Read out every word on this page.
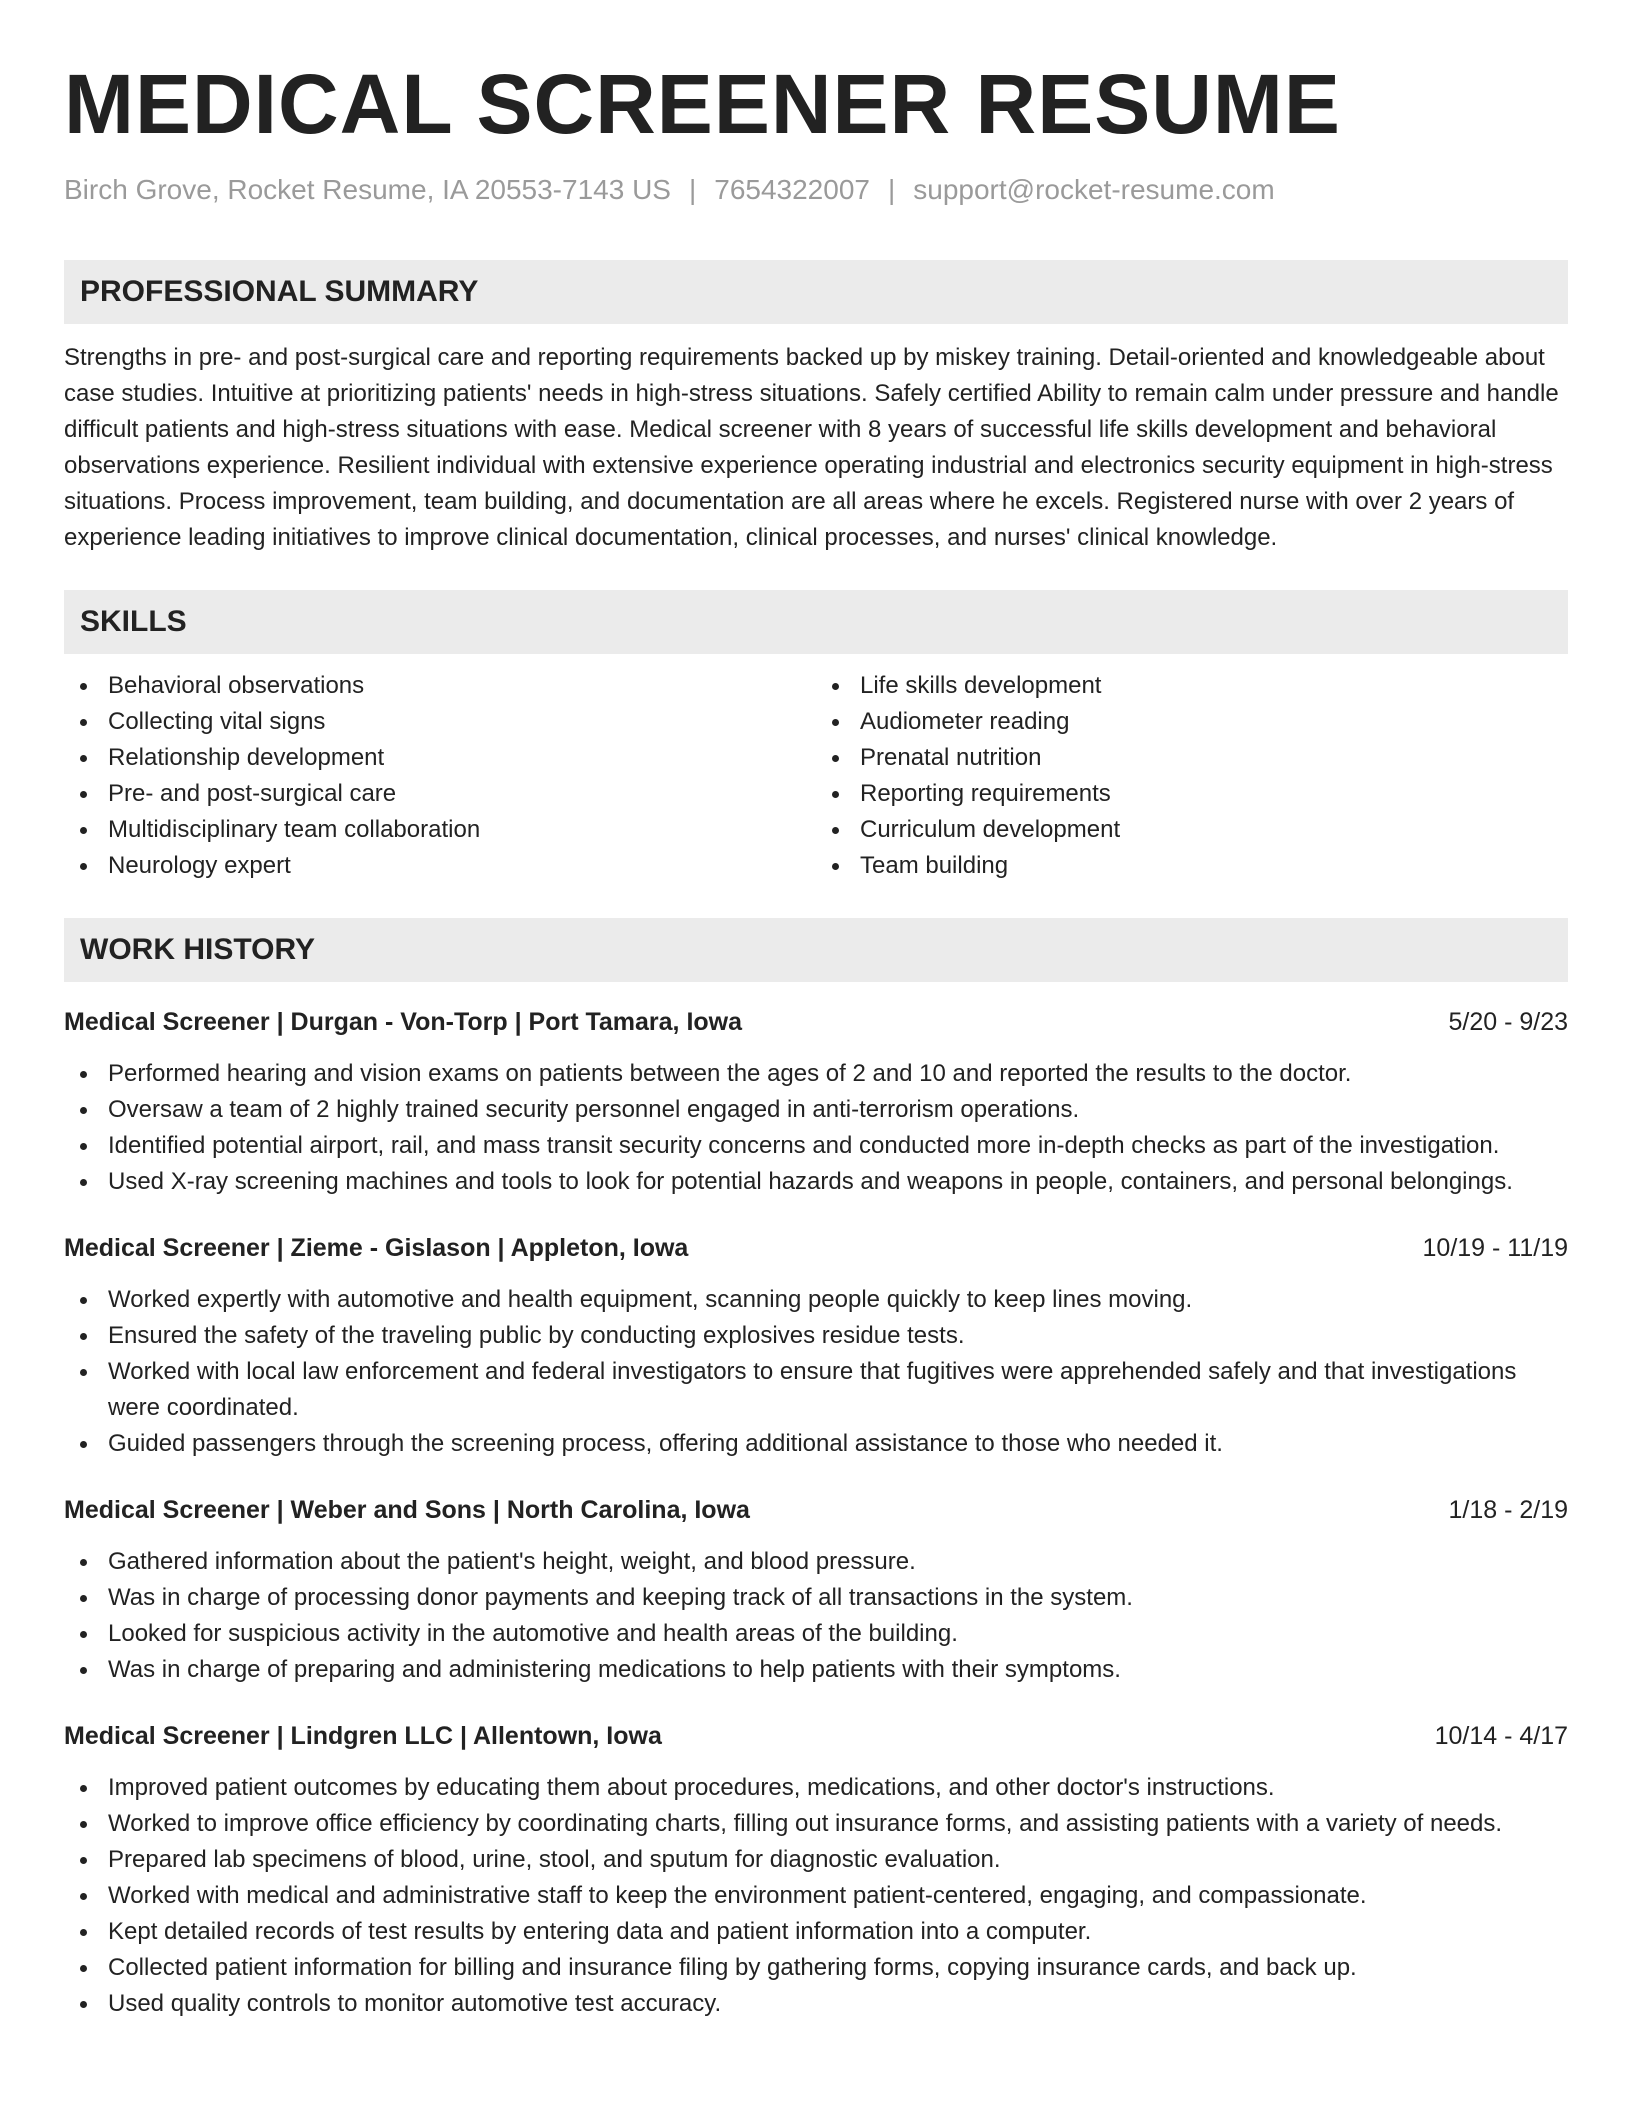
MEDICAL SCREENER RESUME
Birch Grove, Rocket Resume, IA 20553-7143 US | 7654322007 | support@rocket-resume.com
PROFESSIONAL SUMMARY
Strengths in pre- and post-surgical care and reporting requirements backed up by miskey training. Detail-oriented and knowledgeable about case studies. Intuitive at prioritizing patients' needs in high-stress situations. Safely certified Ability to remain calm under pressure and handle difficult patients and high-stress situations with ease. Medical screener with 8 years of successful life skills development and behavioral observations experience. Resilient individual with extensive experience operating industrial and electronics security equipment in high-stress situations. Process improvement, team building, and documentation are all areas where he excels. Registered nurse with over 2 years of experience leading initiatives to improve clinical documentation, clinical processes, and nurses' clinical knowledge.
SKILLS
Behavioral observations
Collecting vital signs
Relationship development
Pre- and post-surgical care
Multidisciplinary team collaboration
Neurology expert
Life skills development
Audiometer reading
Prenatal nutrition
Reporting requirements
Curriculum development
Team building
WORK HISTORY
Medical Screener | Durgan - Von-Torp | Port Tamara, Iowa	5/20 - 9/23
Performed hearing and vision exams on patients between the ages of 2 and 10 and reported the results to the doctor.
Oversaw a team of 2 highly trained security personnel engaged in anti-terrorism operations.
Identified potential airport, rail, and mass transit security concerns and conducted more in-depth checks as part of the investigation.
Used X-ray screening machines and tools to look for potential hazards and weapons in people, containers, and personal belongings.
Medical Screener | Zieme - Gislason | Appleton, Iowa	10/19 - 11/19
Worked expertly with automotive and health equipment, scanning people quickly to keep lines moving.
Ensured the safety of the traveling public by conducting explosives residue tests.
Worked with local law enforcement and federal investigators to ensure that fugitives were apprehended safely and that investigations were coordinated.
Guided passengers through the screening process, offering additional assistance to those who needed it.
Medical Screener | Weber and Sons | North Carolina, Iowa	1/18 - 2/19
Gathered information about the patient's height, weight, and blood pressure.
Was in charge of processing donor payments and keeping track of all transactions in the system.
Looked for suspicious activity in the automotive and health areas of the building.
Was in charge of preparing and administering medications to help patients with their symptoms.
Medical Screener | Lindgren LLC | Allentown, Iowa	10/14 - 4/17
Improved patient outcomes by educating them about procedures, medications, and other doctor's instructions.
Worked to improve office efficiency by coordinating charts, filling out insurance forms, and assisting patients with a variety of needs.
Prepared lab specimens of blood, urine, stool, and sputum for diagnostic evaluation.
Worked with medical and administrative staff to keep the environment patient-centered, engaging, and compassionate.
Kept detailed records of test results by entering data and patient information into a computer.
Collected patient information for billing and insurance filing by gathering forms, copying insurance cards, and back up.
Used quality controls to monitor automotive test accuracy.
